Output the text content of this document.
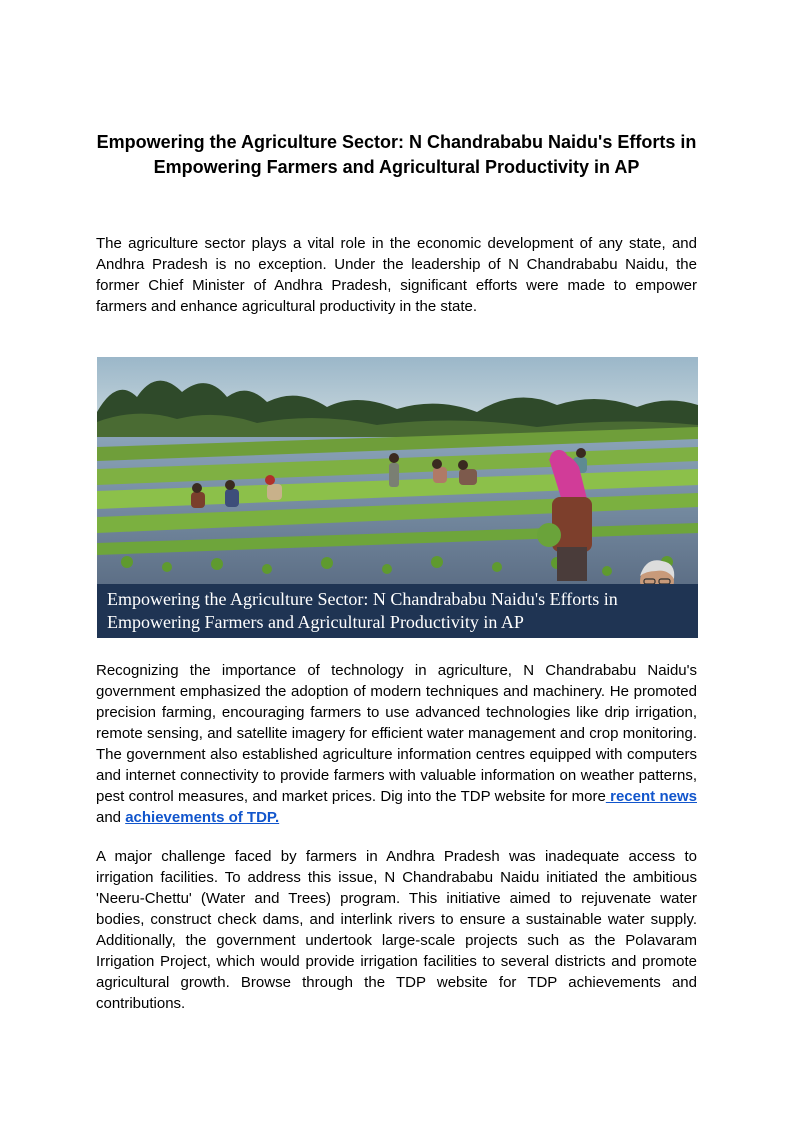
Empowering the Agriculture Sector: N Chandrababu Naidu's Efforts in Empowering Farmers and Agricultural Productivity in AP

The agriculture sector plays a vital role in the economic development of any state, and Andhra Pradesh is no exception. Under the leadership of N Chandrababu Naidu, the former Chief Minister of Andhra Pradesh, significant efforts were made to empower farmers and enhance agricultural productivity in the state.

Empowering the Agriculture Sector: N Chandrababu Naidu's Efforts in
Empowering Farmers and Agricultural Productivity in AP

Recognizing the importance of technology in agriculture, N Chandrababu Naidu's government emphasized the adoption of modern techniques and machinery. He promoted precision farming, encouraging farmers to use advanced technologies like drip irrigation, remote sensing, and satellite imagery for efficient water management and crop monitoring. The government also established agriculture information centres equipped with computers and internet connectivity to provide farmers with valuable information on weather patterns, pest control measures, and market prices. Dig into the TDP website for more recent news and achievements of TDP.

A major challenge faced by farmers in Andhra Pradesh was inadequate access to irrigation facilities. To address this issue, N Chandrababu Naidu initiated the ambitious 'Neeru-Chettu' (Water and Trees) program. This initiative aimed to rejuvenate water bodies, construct check dams, and interlink rivers to ensure a sustainable water supply. Additionally, the government undertook large-scale projects such as the Polavaram Irrigation Project, which would provide irrigation facilities to several districts and promote agricultural growth. Browse through the TDP website for TDP achievements and contributions.
